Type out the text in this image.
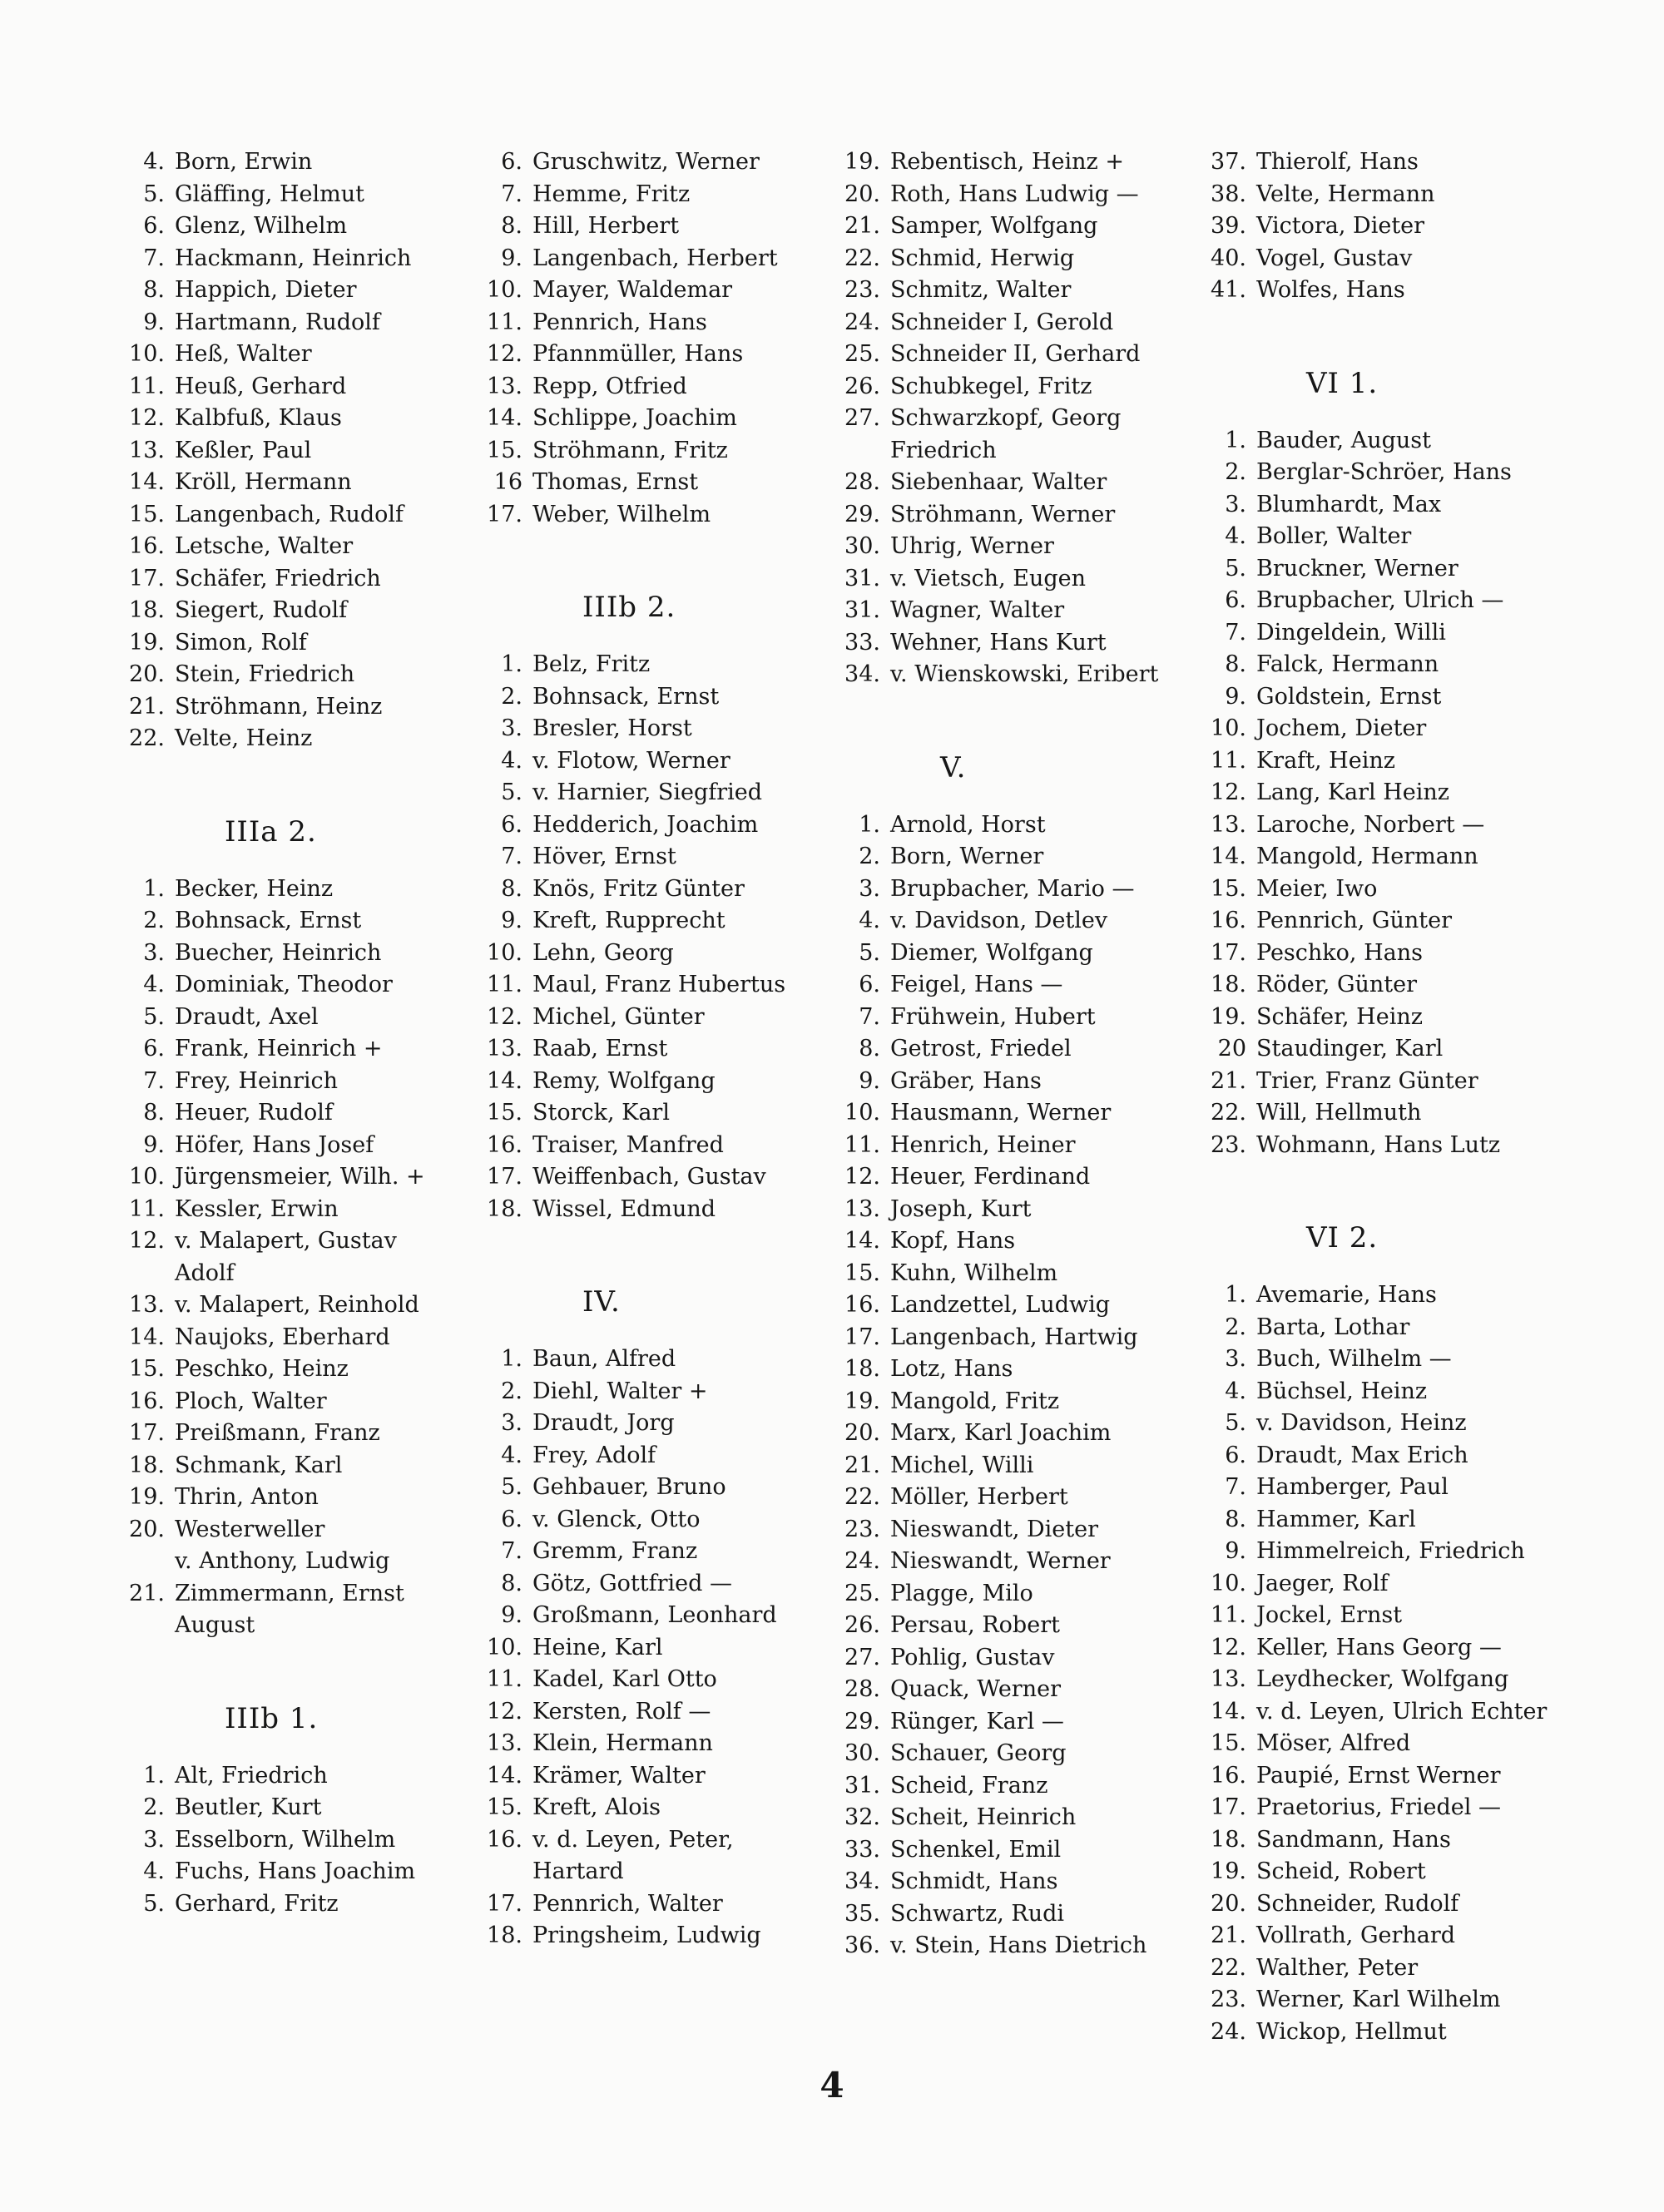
4. Born, Erwin
5. Gläffing, Helmut
6. Glenz, Wilhelm
7. Hackmann, Heinrich
8. Happich, Dieter
9. Hartmann, Rudolf
10. Heß, Walter
11. Heuß, Gerhard
12. Kalbfuß, Klaus
13. Keßler, Paul
14. Kröll, Hermann
15. Langenbach, Rudolf
16. Letsche, Walter
17. Schäfer, Friedrich
18. Siegert, Rudolf
19. Simon, Rolf
20. Stein, Friedrich
21. Ströhmann, Heinz
22. Velte, Heinz
IIIa 2.
1. Becker, Heinz
2. Bohnsack, Ernst
3. Buecher, Heinrich
4. Dominiak, Theodor
5. Draudt, Axel
6. Frank, Heinrich +
7. Frey, Heinrich
8. Heuer, Rudolf
9. Höfer, Hans Josef
10. Jürgensmeier, Wilh. +
11. Kessler, Erwin
12. v. Malapert, Gustav
Adolf
13. v. Malapert, Reinhold
14. Naujoks, Eberhard
15. Peschko, Heinz
16. Ploch, Walter
17. Preißmann, Franz
18. Schmank, Karl
19. Thrin, Anton
20. Westerweller
v. Anthony, Ludwig
21. Zimmermann, Ernst
August
IIIb 1.
1. Alt, Friedrich
2. Beutler, Kurt
3. Esselborn, Wilhelm
4. Fuchs, Hans Joachim
5. Gerhard, Fritz
6. Gruschwitz, Werner
7. Hemme, Fritz
8. Hill, Herbert
9. Langenbach, Herbert
10. Mayer, Waldemar
11. Pennrich, Hans
12. Pfannmüller, Hans
13. Repp, Otfried
14. Schlippe, Joachim
15. Ströhmann, Fritz
16 Thomas, Ernst
17. Weber, Wilhelm
IIIb 2.
1. Belz, Fritz
2. Bohnsack, Ernst
3. Bresler, Horst
4. v. Flotow, Werner
5. v. Harnier, Siegfried
6. Hedderich, Joachim
7. Höver, Ernst
8. Knös, Fritz Günter
9. Kreft, Rupprecht
10. Lehn, Georg
11. Maul, Franz Hubertus
12. Michel, Günter
13. Raab, Ernst
14. Remy, Wolfgang
15. Storck, Karl
16. Traiser, Manfred
17. Weiffenbach, Gustav
18. Wissel, Edmund
IV.
1. Baun, Alfred
2. Diehl, Walter +
3. Draudt, Jorg
4. Frey, Adolf
5. Gehbauer, Bruno
6. v. Glenck, Otto
7. Gremm, Franz
8. Götz, Gottfried —
9. Großmann, Leonhard
10. Heine, Karl
11. Kadel, Karl Otto
12. Kersten, Rolf —
13. Klein, Hermann
14. Krämer, Walter
15. Kreft, Alois
16. v. d. Leyen, Peter,
Hartard
17. Pennrich, Walter
18. Pringsheim, Ludwig
19. Rebentisch, Heinz +
20. Roth, Hans Ludwig —
21. Samper, Wolfgang
22. Schmid, Herwig
23. Schmitz, Walter
24. Schneider I, Gerold
25. Schneider II, Gerhard
26. Schubkegel, Fritz
27. Schwarzkopf, Georg
Friedrich
28. Siebenhaar, Walter
29. Ströhmann, Werner
30. Uhrig, Werner
31. v. Vietsch, Eugen
31. Wagner, Walter
33. Wehner, Hans Kurt
34. v. Wienskowski, Eribert
V.
1. Arnold, Horst
2. Born, Werner
3. Brupbacher, Mario —
4. v. Davidson, Detlev
5. Diemer, Wolfgang
6. Feigel, Hans —
7. Frühwein, Hubert
8. Getrost, Friedel
9. Gräber, Hans
10. Hausmann, Werner
11. Henrich, Heiner
12. Heuer, Ferdinand
13. Joseph, Kurt
14. Kopf, Hans
15. Kuhn, Wilhelm
16. Landzettel, Ludwig
17. Langenbach, Hartwig
18. Lotz, Hans
19. Mangold, Fritz
20. Marx, Karl Joachim
21. Michel, Willi
22. Möller, Herbert
23. Nieswandt, Dieter
24. Nieswandt, Werner
25. Plagge, Milo
26. Persau, Robert
27. Pohlig, Gustav
28. Quack, Werner
29. Rünger, Karl —
30. Schauer, Georg
31. Scheid, Franz
32. Scheit, Heinrich
33. Schenkel, Emil
34. Schmidt, Hans
35. Schwartz, Rudi
36. v. Stein, Hans Dietrich
37. Thierolf, Hans
38. Velte, Hermann
39. Victora, Dieter
40. Vogel, Gustav
41. Wolfes, Hans
VI 1.
1. Bauder, August
2. Berglar-Schröer, Hans
3. Blumhardt, Max
4. Boller, Walter
5. Bruckner, Werner
6. Brupbacher, Ulrich —
7. Dingeldein, Willi
8. Falck, Hermann
9. Goldstein, Ernst
10. Jochem, Dieter
11. Kraft, Heinz
12. Lang, Karl Heinz
13. Laroche, Norbert —
14. Mangold, Hermann
15. Meier, Iwo
16. Pennrich, Günter
17. Peschko, Hans
18. Röder, Günter
19. Schäfer, Heinz
20 Staudinger, Karl
21. Trier, Franz Günter
22. Will, Hellmuth
23. Wohmann, Hans Lutz
VI 2.
1. Avemarie, Hans
2. Barta, Lothar
3. Buch, Wilhelm —
4. Büchsel, Heinz
5. v. Davidson, Heinz
6. Draudt, Max Erich
7. Hamberger, Paul
8. Hammer, Karl
9. Himmelreich, Friedrich
10. Jaeger, Rolf
11. Jockel, Ernst
12. Keller, Hans Georg —
13. Leydhecker, Wolfgang
14. v. d. Leyen, Ulrich Echter
15. Möser, Alfred
16. Paupié, Ernst Werner
17. Praetorius, Friedel —
18. Sandmann, Hans
19. Scheid, Robert
20. Schneider, Rudolf
21. Vollrath, Gerhard
22. Walther, Peter
23. Werner, Karl Wilhelm
24. Wickop, Hellmut
4
